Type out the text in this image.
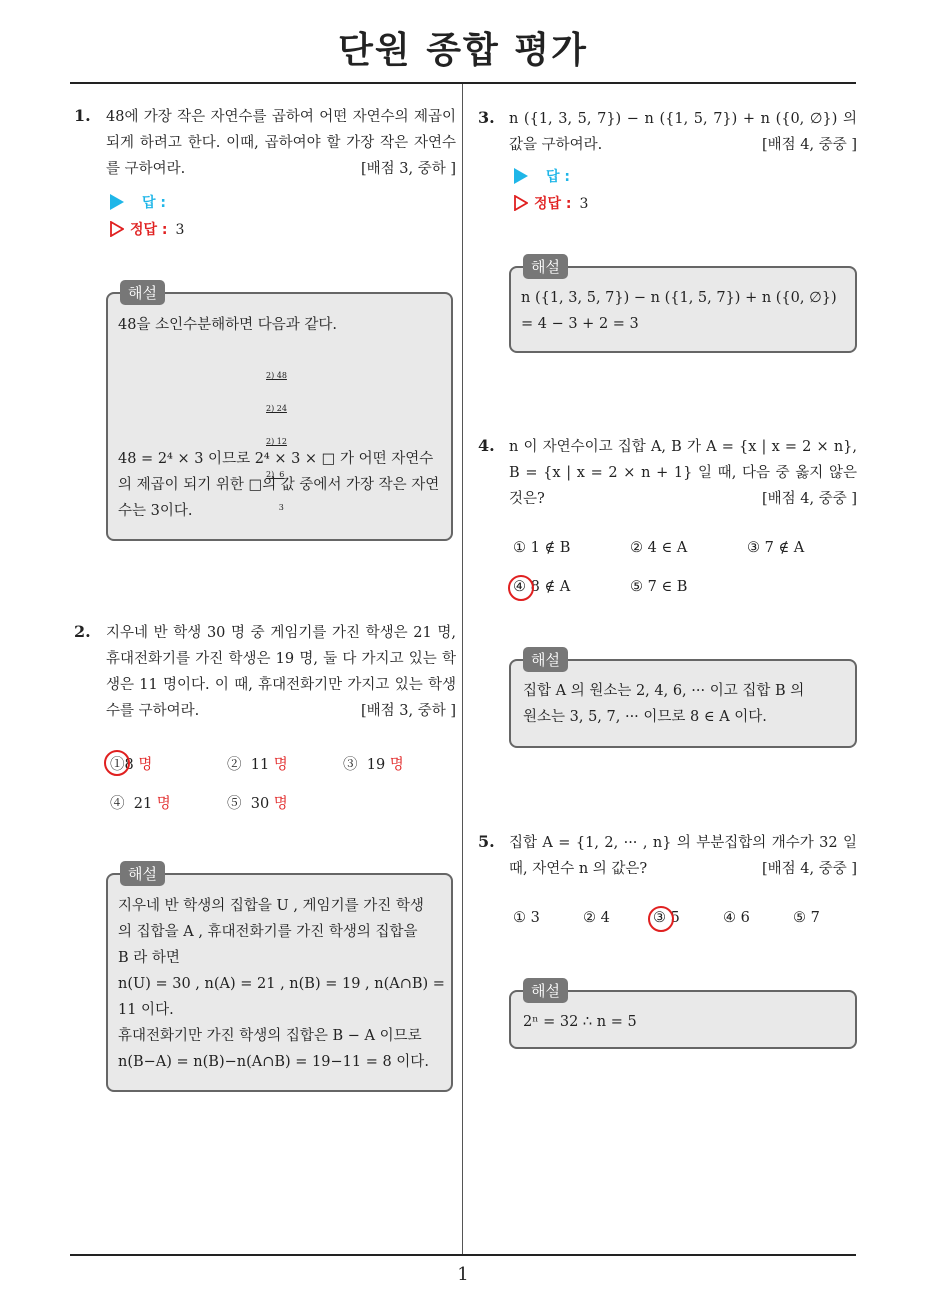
단원 종합 평가
1
1. 48에 가장 작은 자연수를 곱하여 어떤 자연수의 제곱이 되게 하려고 한다. 이때, 곱하여야 할 가장 작은 자연수를 구하여라.	[배점 3, 중하 ]
답 :
정답 : 3
해설
48을 소인수분해하면 다음과 같다.

2) 48

2) 24

2) 12

2)  6

3

48 = 2⁴ × 3 이므로 2⁴ × 3 × □ 가 어떤 자연수의 제곱이 되기 위한 □의 값 중에서 가장 작은 자연수는 3이다.
2. 지우네 반 학생 30 명 중 게임기를 가진 학생은 21 명, 휴대전화기를 가진 학생은 19 명, 둘 다 가지고 있는 학생은 11 명이다. 이 때, 휴대전화기만 가지고 있는 학생 수를 구하여라.	[배점 3, 중하 ]
①8 명	② 11 명	③ 19 명
④ 21 명	⑤ 30 명
해설
지우네 반 학생의 집합을 U , 게임기를 가진 학생
의 집합을 A , 휴대전화기를 가진 학생의 집합을
B 라 하면
n(U) = 30 , n(A) = 21 , n(B) = 19 , n(A∩B) =
11 이다.
휴대전화기만 가진 학생의 집합은 B − A 이므로
n(B−A) = n(B)−n(A∩B) = 19−11 = 8 이다.
3. n ({1, 3, 5, 7}) − n ({1, 5, 7}) + n ({0, ∅}) 의 값을 구하여라.	[배점 4, 중중 ]
답 :
정답 : 3
해설
n ({1, 3, 5, 7}) − n ({1, 5, 7}) + n ({0, ∅})
= 4 − 3 + 2 = 3
4. n 이 자연수이고 집합 A, B 가 A = {x | x = 2 × n}, B = {x | x = 2 × n + 1} 일 때, 다음 중 옳지 않은 것은?	[배점 4, 중중 ]
① 1 ∉ B	② 4 ∈ A	③ 7 ∉ A
④ 8 ∉ A	⑤ 7 ∈ B
해설
집합 A 의 원소는 2, 4, 6, ··· 이고 집합 B 의
원소는 3, 5, 7, ··· 이므로 8 ∈ A 이다.
5. 집합 A = {1, 2, ··· , n} 의 부분집합의 개수가 32 일 때, 자연수 n 의 값은?	[배점 4, 중중 ]
① 3	② 4	③ 5	④ 6	⑤ 7
해설
2ⁿ = 32 ∴ n = 5
